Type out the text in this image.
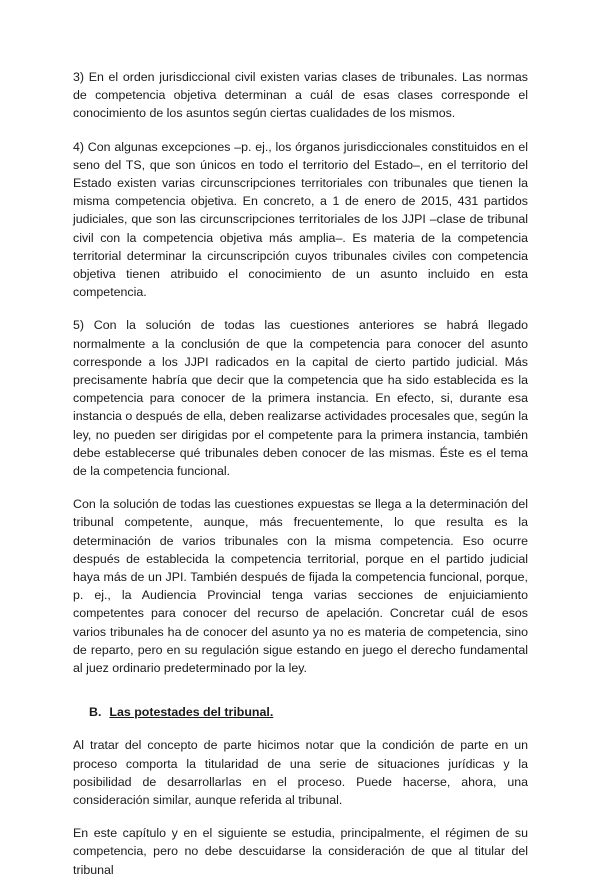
3) En el orden jurisdiccional civil existen varias clases de tribunales. Las normas de competencia objetiva determinan a cuál de esas clases corresponde el conocimiento de los asuntos según ciertas cualidades de los mismos.

4) Con algunas excepciones –p. ej., los órganos jurisdiccionales constituidos en el seno del TS, que son únicos en todo el territorio del Estado–, en el territorio del Estado existen varias circunscripciones territoriales con tribunales que tienen la misma competencia objetiva. En concreto, a 1 de enero de 2015, 431 partidos judiciales, que son las circunscripciones territoriales de los JJPI –clase de tribunal civil con la competencia objetiva más amplia–. Es materia de la competencia territorial determinar la circunscripción cuyos tribunales civiles con competencia objetiva tienen atribuido el conocimiento de un asunto incluido en esta competencia.

5) Con la solución de todas las cuestiones anteriores se habrá llegado normalmente a la conclusión de que la competencia para conocer del asunto corresponde a los JJPI radicados en la capital de cierto partido judicial. Más precisamente habría que decir que la competencia que ha sido establecida es la competencia para conocer de la primera instancia. En efecto, si, durante esa instancia o después de ella, deben realizarse actividades procesales que, según la ley, no pueden ser dirigidas por el competente para la primera instancia, también debe establecerse qué tribunales deben conocer de las mismas. Éste es el tema de la competencia funcional.

Con la solución de todas las cuestiones expuestas se llega a la determinación del tribunal competente, aunque, más frecuentemente, lo que resulta es la determinación de varios tribunales con la misma competencia. Eso ocurre después de establecida la competencia territorial, porque en el partido judicial haya más de un JPI. También después de fijada la competencia funcional, porque, p. ej., la Audiencia Provincial tenga varias secciones de enjuiciamiento competentes para conocer del recurso de apelación. Concretar cuál de esos varios tribunales ha de conocer del asunto ya no es materia de competencia, sino de reparto, pero en su regulación sigue estando en juego el derecho fundamental al juez ordinario predeterminado por la ley.

B. Las potestades del tribunal.

Al tratar del concepto de parte hicimos notar que la condición de parte en un proceso comporta la titularidad de una serie de situaciones jurídicas y la posibilidad de desarrollarlas en el proceso. Puede hacerse, ahora, una consideración similar, aunque referida al tribunal.

En este capítulo y en el siguiente se estudia, principalmente, el régimen de su competencia, pero no debe descuidarse la consideración de que al titular del tribunal
